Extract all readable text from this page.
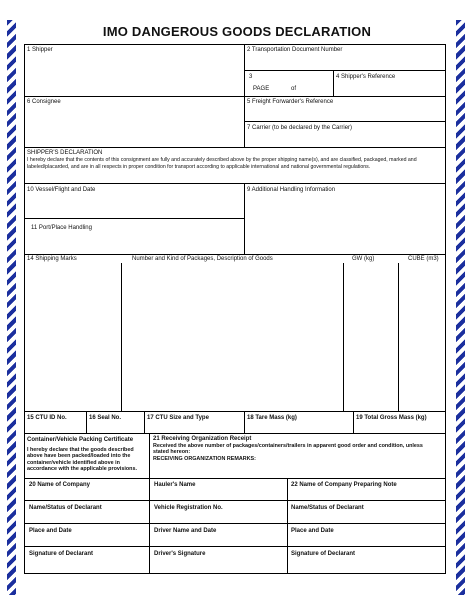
IMO DANGEROUS GOODS DECLARATION
1 Shipper	2 Transportation Document Number
3
PAGE	of
4 Shipper's Reference
6 Consignee	5 Freight Forwarder's Reference
7 Carrier (to be declared by the Carrier)
SHIPPER'S DECLARATION
I hereby declare that the contents of this consignment are fully and accurately described above by the proper shipping name(s), and are classified, packaged, marked and labeled/placarded, and are in all respects in proper condition for transport according to applicable international and national governmental regulations.
10 Vessel/Flight and Date	9 Additional Handling Information
11 Port/Place Handling
14 Shipping Marks	Number and Kind of Packages, Description of Goods	GW (kg)	CUBE (m3)
15 CTU ID No.	16 Seal No.	17 CTU Size and Type	18 Tare Mass (kg)	19 Total Gross Mass (kg)
Container/Vehicle Packing Certificate
I hereby declare that the goods described above have been packed/loaded into the container/vehicle identified above in accordance with the applicable provisions.
21 Receiving Organization Receipt
Received the above number of packages/containers/trailers in apparent good order and condition, unless stated hereon:
RECEIVING ORGANIZATION REMARKS:
20 Name of Company	Hauler's Name	22 Name of Company Preparing Note
Name/Status of Declarant	Vehicle Registration No.	Name/Status of Declarant
Place and Date	Driver Name and Date	Place and Date
Signature of Declarant	Driver's Signature	Signature of Declarant
